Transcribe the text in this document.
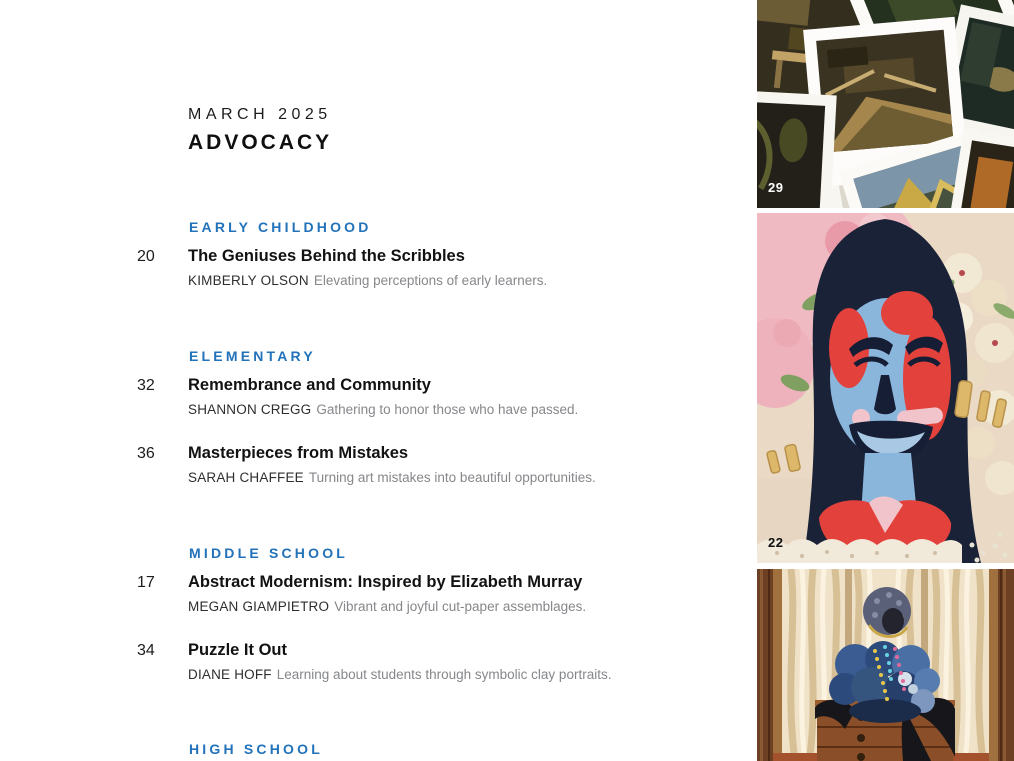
MARCH 2025
ADVOCACY
EARLY CHILDHOOD
20 The Geniuses Behind the Scribbles

KIMBERLY OLSON Elevating perceptions of early learners.

ELEMENTARY
32 Remembrance and Community

SHANNON CREGG Gathering to honor those who have passed.

36 Masterpieces from Mistakes

SARAH CHAFFEE Turning art mistakes into beautiful opportunities.

MIDDLE SCHOOL
17 Abstract Modernism: Inspired by Elizabeth Murray

MEGAN GIAMPIETRO Vibrant and joyful cut-paper assemblages.

34 Puzzle It Out

DIANE HOFF Learning about students through symbolic clay portraits.

HIGH SCHOOL
29
22
